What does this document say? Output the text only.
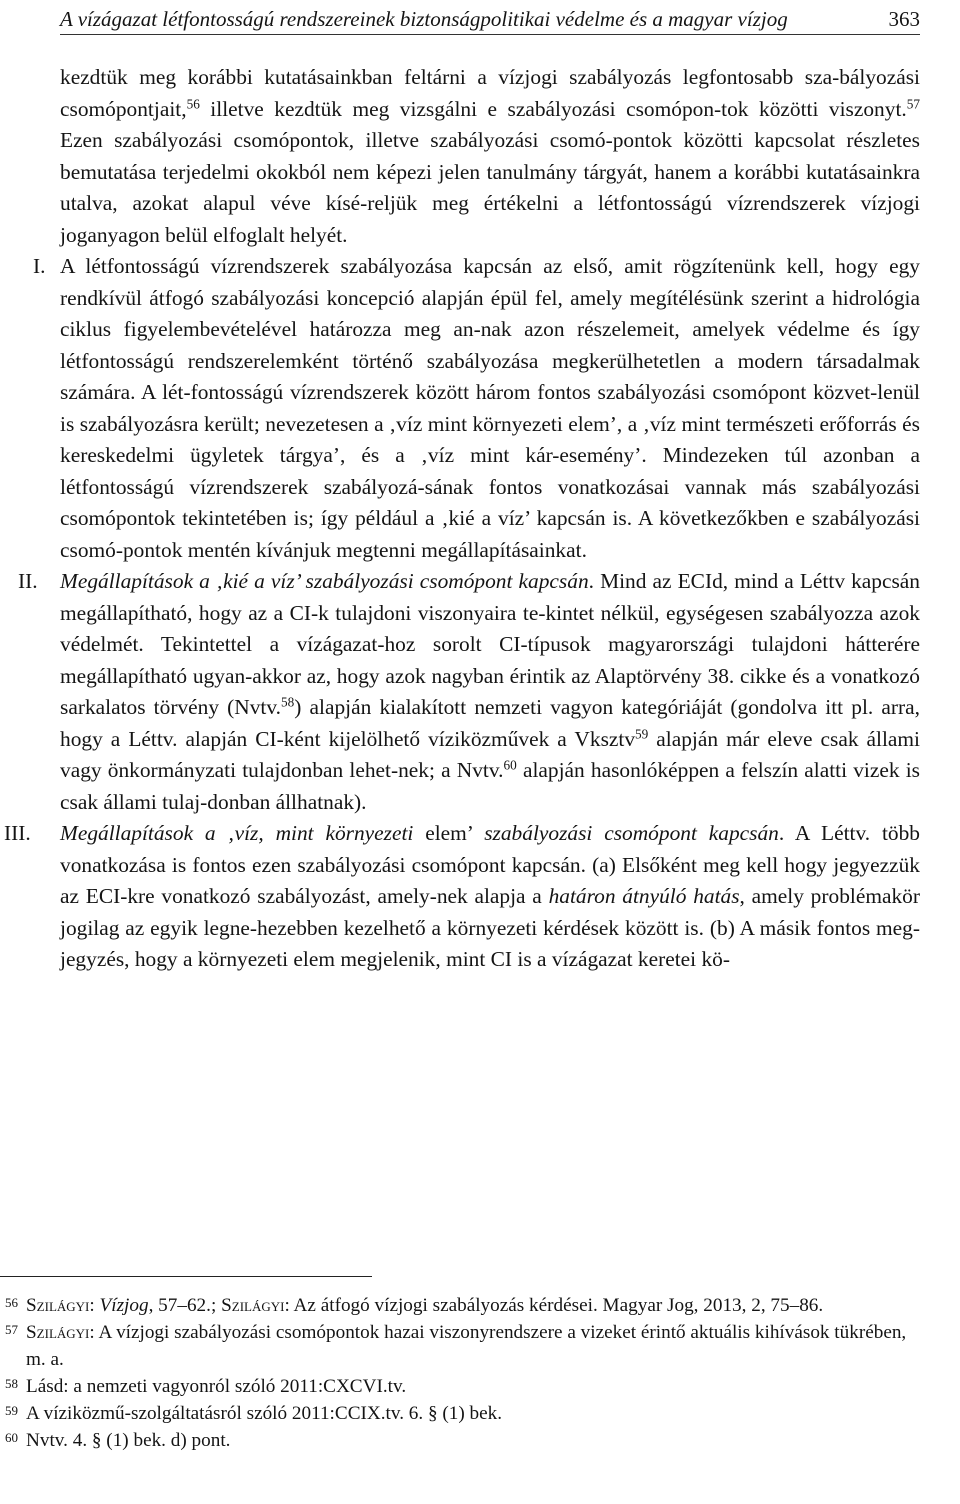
A vízágazat létfontosságú rendszereinek biztonságpolitikai védelme és a magyar vízjog	363

kezdtük meg korábbi kutatásainkban feltárni a vízjogi szabályozás legfontosabb sza-bályozási csomópontjait,$^{56}$ illetve kezdtük meg vizsgálni e szabályozási csomópon-tok közötti viszonyt.$^{57}$ Ezen szabályozási csomópontok, illetve szabályozási csomó-pontok közötti kapcsolat részletes bemutatása terjedelmi okokból nem képezi jelen tanulmány tárgyát, hanem a korábbi kutatásainkra utalva, azokat alapul véve kísé-reljük meg értékelni a létfontosságú vízrendszerek vízjogi joganyagon belül elfoglalt helyét.

I. A létfontosságú vízrendszerek szabályozása kapcsán az első, amit rögzítenünk kell, hogy egy rendkívül átfogó szabályozási koncepció alapján épül fel, amely megítélésünk szerint a hidrológia ciklus figyelembevételével határozza meg an-nak azon részelemeit, amelyek védelme és így létfontosságú rendszerelemként történő szabályozása megkerülhetetlen a modern társadalmak számára. A lét-fontosságú vízrendszerek között három fontos szabályozási csomópont közvet-lenül is szabályozásra került; nevezetesen a ‚víz mint környezeti elem’, a ‚víz mint természeti erőforrás és kereskedelmi ügyletek tárgya’, és a ‚víz mint kár-esemény’. Mindezeken túl azonban a létfontosságú vízrendszerek szabályozá-sának fontos vonatkozásai vannak más szabályozási csomópontok tekintetében is; így például a ‚kié a víz’ kapcsán is. A következőkben e szabályozási csomó-pontok mentén kívánjuk megtenni megállapításainkat.

II. Megállapítások a ‚kié a víz’ szabályozási csomópont kapcsán. Mind az ECId, mind a Léttv kapcsán megállapítható, hogy az a CI-k tulajdoni viszonyaira te-kintet nélkül, egységesen szabályozza azok védelmét. Tekintettel a vízágazat-hoz sorolt CI-típusok magyarországi tulajdoni hátterére megállapítható ugyan-akkor az, hogy azok nagyban érintik az Alaptörvény 38. cikke és a vonatkozó sarkalatos törvény (Nvtv.$^{58}$) alapján kialakított nemzeti vagyon kategóriáját (gondolva itt pl. arra, hogy a Léttv. alapján CI-ként kijelölhető víziközművek a Vksztv$^{59}$ alapján már eleve csak állami vagy önkormányzati tulajdonban lehet-nek; a Nvtv.$^{60}$ alapján hasonlóképpen a felszín alatti vizek is csak állami tulaj-donban állhatnak).

III. Megállapítások a ‚víz, mint környezeti elem’ szabályozási csomópont kapcsán. A Léttv. több vonatkozása is fontos ezen szabályozási csomópont kapcsán. (a) Elsőként meg kell hogy jegyezzük az ECI-kre vonatkozó szabályozást, amely-nek alapja a határon átnyúló hatás, amely problémakör jogilag az egyik legne-hezebben kezelhető a környezeti kérdések között is. (b) A másik fontos meg-jegyzés, hogy a környezeti elem megjelenik, mint CI is a vízágazat keretei kö-

56 Szilágyi: Vízjog, 57–62.; Szilágyi: Az átfogó vízjogi szabályozás kérdései. Magyar Jog, 2013, 2, 75–86.
57 Szilágyi: A vízjogi szabályozási csomópontok hazai viszonyrendszere a vizeket érintő aktuális kihívások tükrében, m. a.
58 Lásd: a nemzeti vagyonról szóló 2011:CXCVI.tv.
59 A víziközmű-szolgáltatásról szóló 2011:CCIX.tv. 6. § (1) bek.
60 Nvtv. 4. § (1) bek. d) pont.
